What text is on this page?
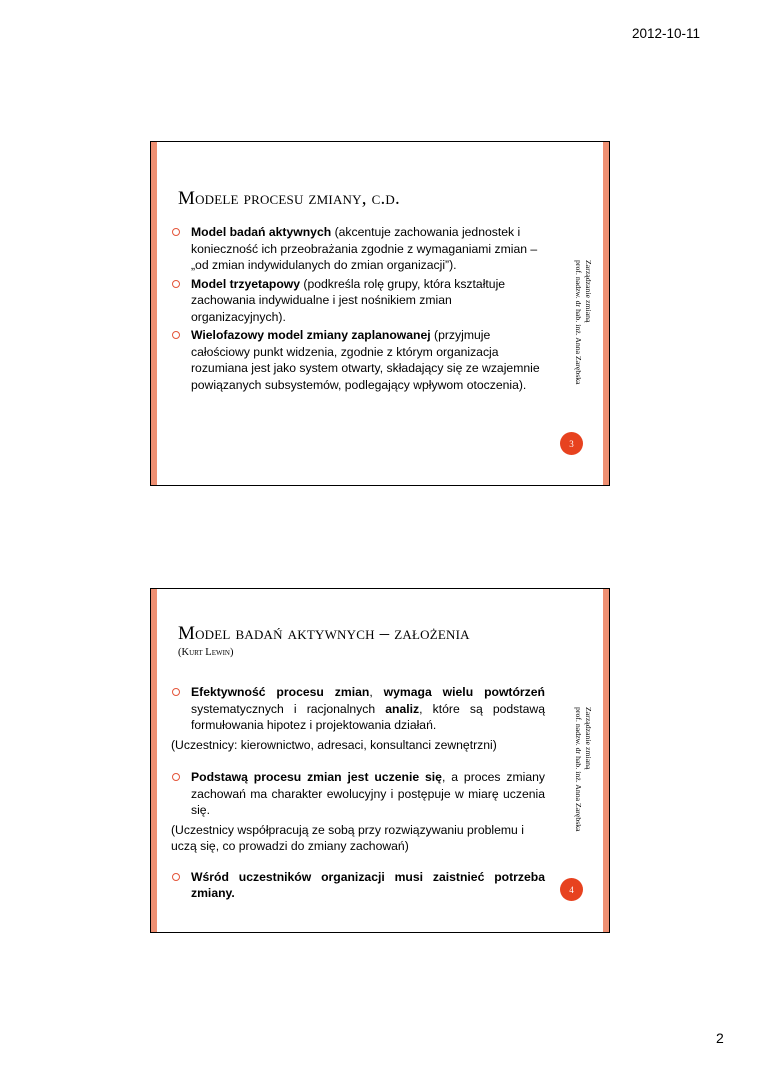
2012-10-11
Modele procesu zmiany, c.d.
Model badań aktywnych (akcentuje zachowania jednostek i konieczność ich przeobrażania zgodnie z wymaganiami zmian – „od zmian indywidulanych do zmian organizacji”).
Model trzyetapowy (podkreśla rolę grupy, która kształtuje zachowania indywidualne i jest nośnikiem zmian organizacyjnych).
Wielofazowy model zmiany zaplanowanej (przyjmuje całościowy punkt widzenia, zgodnie z którym organizacja rozumiana jest jako system otwarty, składający się ze wzajemnie powiązanych subsystemów, podlegający wpływom otoczenia).
Zarządzanie zmianą
prof. nadzw. dr hab. inż. Anna Zarębska
3
Model badań aktywnych – założenia
(Kurt Lewin)
Efektywność procesu zmian, wymaga wielu powtórzeń systematycznych i racjonalnych analiz, które są podstawą formułowania hipotez i projektowania działań.
(Uczestnicy: kierownictwo, adresaci, konsultanci zewnętrzni)
Podstawą procesu zmian jest uczenie się, a proces zmiany zachowań ma charakter ewolucyjny i postępuje w miarę uczenia się.
(Uczestnicy współpracują ze sobą przy rozwiązywaniu problemu i uczą się, co prowadzi do zmiany zachowań)
Wśród uczestników organizacji musi zaistnieć potrzeba zmiany.
Zarządzanie zmianą
prof. nadzw. dr hab. inż. Anna Zarębska
4
2
